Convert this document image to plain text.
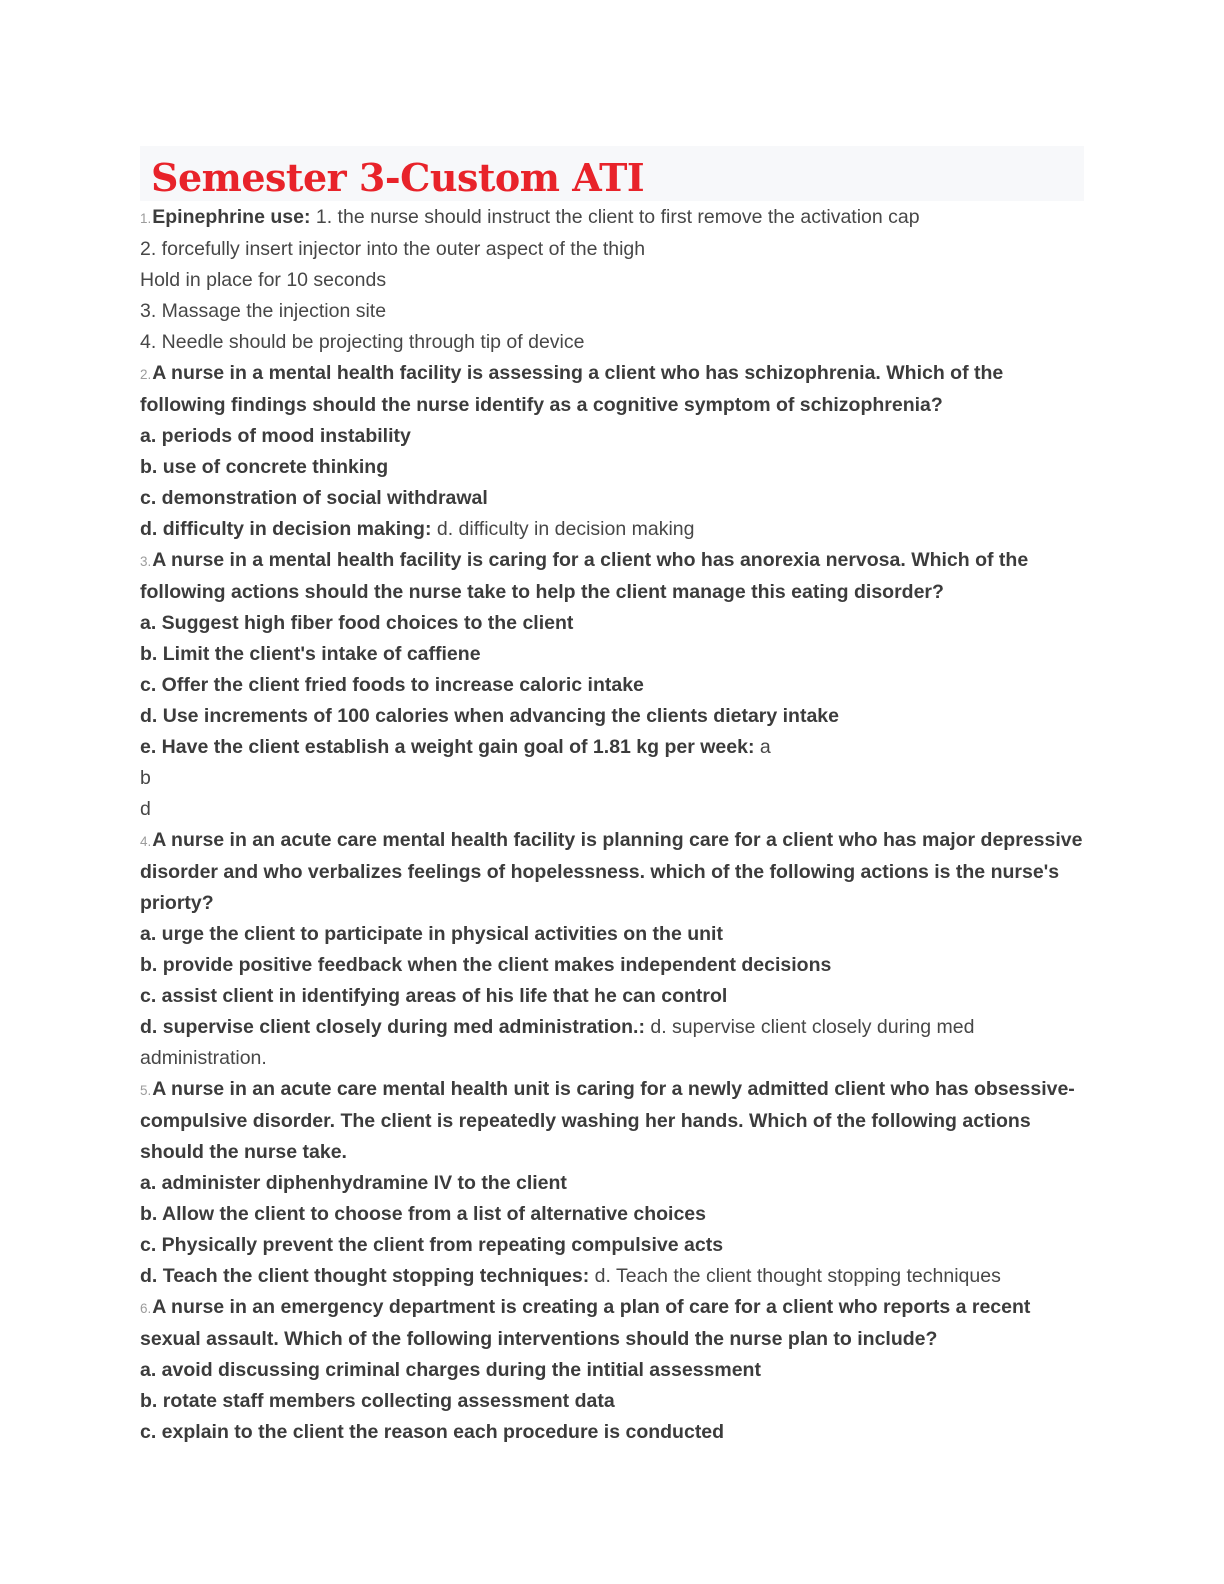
Semester 3-Custom ATI

1.Epinephrine use: 1. the nurse should instruct the client to first remove the activation cap

2. forcefully insert injector into the outer aspect of the thigh

Hold in place for 10 seconds

3. Massage the injection site

4. Needle should be projecting through tip of device

2.A nurse in a mental health facility is assessing a client who has schizophrenia. Which of the following findings should the nurse identify as a cognitive symptom of schizophrenia?

a. periods of mood instability

b. use of concrete thinking

c. demonstration of social withdrawal

d. difficulty in decision making: d. difficulty in decision making

3.A nurse in a mental health facility is caring for a client who has anorexia nervosa. Which of the following actions should the nurse take to help the client manage this eating disorder?

a. Suggest high fiber food choices to the client

b. Limit the client's intake of caffiene

c. Offer the client fried foods to increase caloric intake

d. Use increments of 100 calories when advancing the clients dietary intake

e. Have the client establish a weight gain goal of 1.81 kg per week: a

b

d

4.A nurse in an acute care mental health facility is planning care for a client who has major depressive disorder and who verbalizes feelings of hopelessness. which of the following actions is the nurse's priorty?

a. urge the client to participate in physical activities on the unit

b. provide positive feedback when the client makes independent decisions

c. assist client in identifying areas of his life that he can control

d. supervise client closely during med administration.: d. supervise client closely during med administration.

5.A nurse in an acute care mental health unit is caring for a newly admitted client who has obsessive-compulsive disorder. The client is repeatedly washing her hands. Which of the following actions should the nurse take.

a. administer diphenhydramine IV to the client

b. Allow the client to choose from a list of alternative choices

c. Physically prevent the client from repeating compulsive acts

d. Teach the client thought stopping techniques: d. Teach the client thought stopping techniques

6.A nurse in an emergency department is creating a plan of care for a client who reports a recent sexual assault. Which of the following interventions should the nurse plan to include?

a. avoid discussing criminal charges during the intitial assessment

b. rotate staff members collecting assessment data

c. explain to the client the reason each procedure is conducted
